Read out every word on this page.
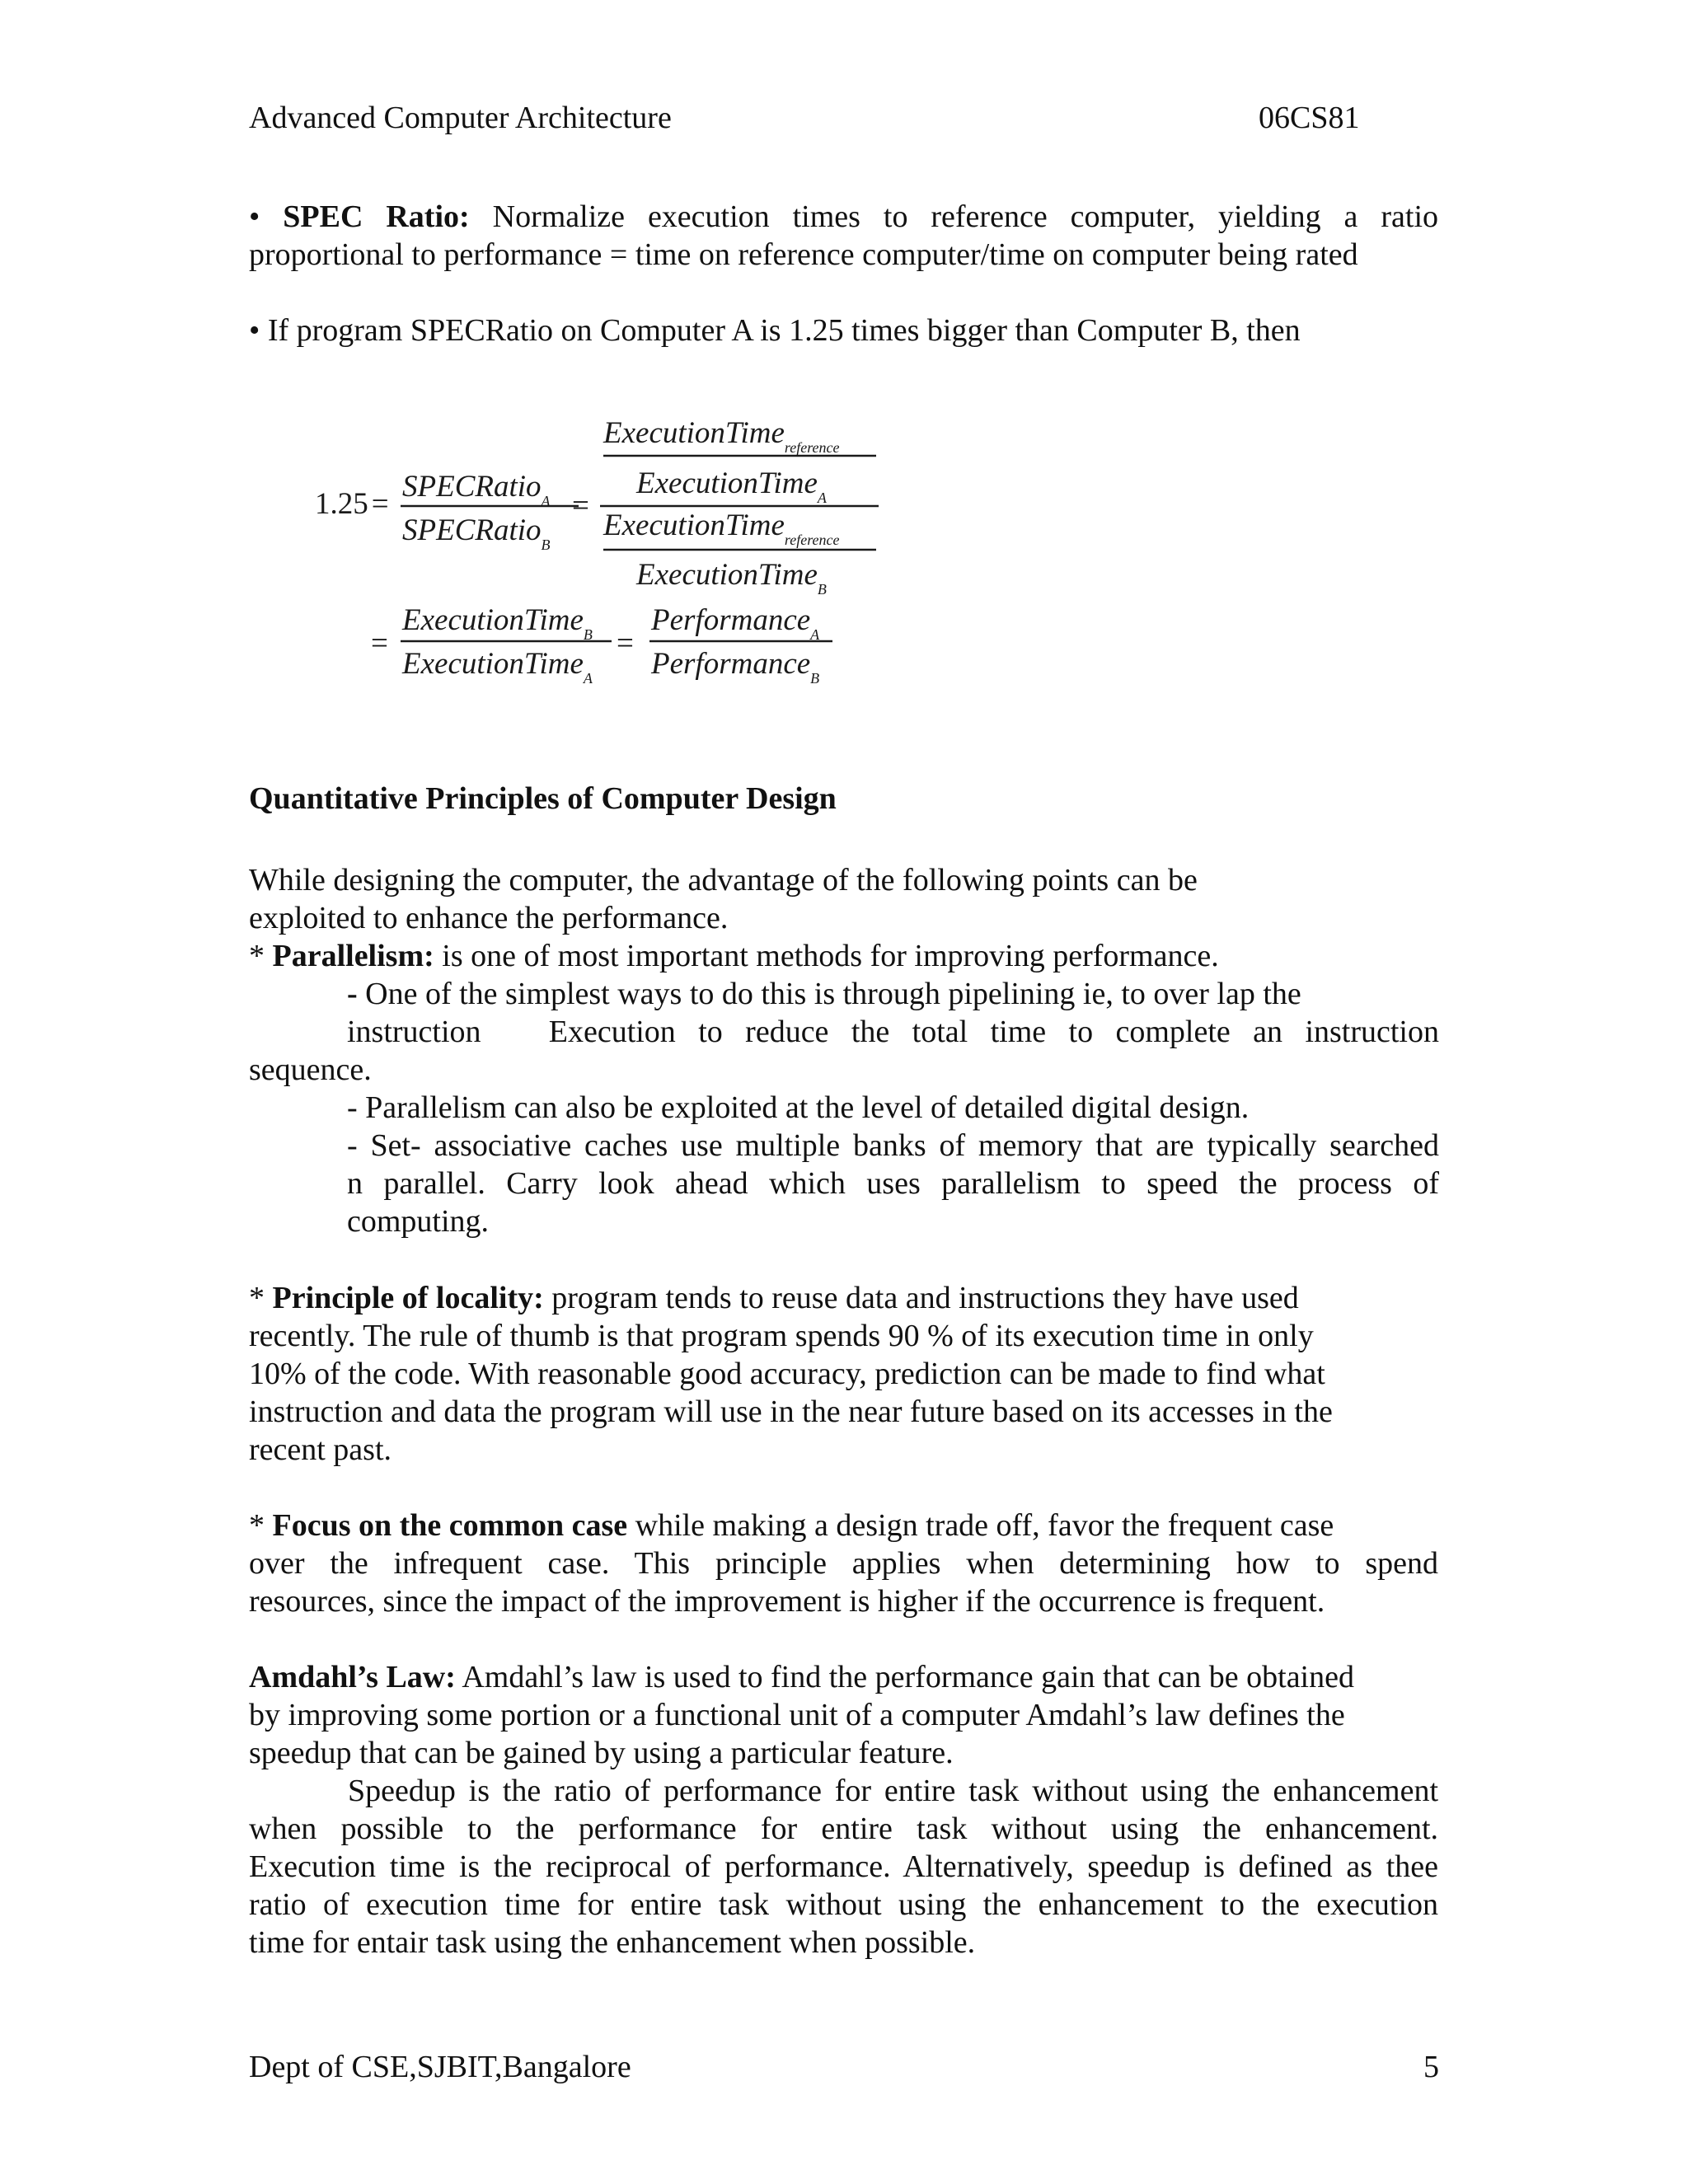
Advanced Computer Architecture	06CS81
• SPEC Ratio: Normalize execution times to reference computer, yielding a ratio
proportional to performance = time on reference computer/time on computer being rated
• If program SPECRatio on Computer A is 1.25 times bigger than Computer B, then
ExecutionTime$_{reference}$
ExecutionTime$_A$
1.25 =
SPECRatio$_A$
SPECRatio$_B$
=
ExecutionTime$_{reference}$
ExecutionTime$_B$
=
ExecutionTime$_B$
ExecutionTime$_A$
=
Performance$_A$
Performance$_B$
Quantitative Principles of Computer Design
While designing the computer, the advantage of the following points can be
exploited to enhance the performance.
* Parallelism: is one of most important methods for improving performance.
- One of the simplest ways to do this is through pipelining ie, to over lap the
instruction   Execution to reduce the total time to complete an instruction
sequence.
- Parallelism can also be exploited at the level of detailed digital design.
- Set- associative caches use multiple banks of memory that are typically searched
n parallel. Carry look ahead which uses parallelism to speed the process of
computing.
* Principle of locality: program tends to reuse data and instructions they have used
recently. The rule of thumb is that program spends 90 % of its execution time in only
10% of the code. With reasonable good accuracy, prediction can be made to find what
instruction and data the program will use in the near future based on its accesses in the
recent past.
* Focus on the common case while making a design trade off, favor the frequent case
over the infrequent case. This principle applies when determining how to spend
resources, since the impact of the improvement is higher if the occurrence is frequent.
Amdahl’s Law: Amdahl’s law is used to find the performance gain that can be obtained
by improving some portion or a functional unit of a computer Amdahl’s law defines the
speedup that can be gained by using a particular feature.
Speedup is the ratio of performance for entire task without using the enhancement
when possible to the performance for entire task without using the enhancement.
Execution time is the reciprocal of performance. Alternatively, speedup is defined as thee
ratio of execution time for entire task without using the enhancement to the execution
time for entair task using the enhancement when possible.
Dept of CSE,SJBIT,Bangalore	5
